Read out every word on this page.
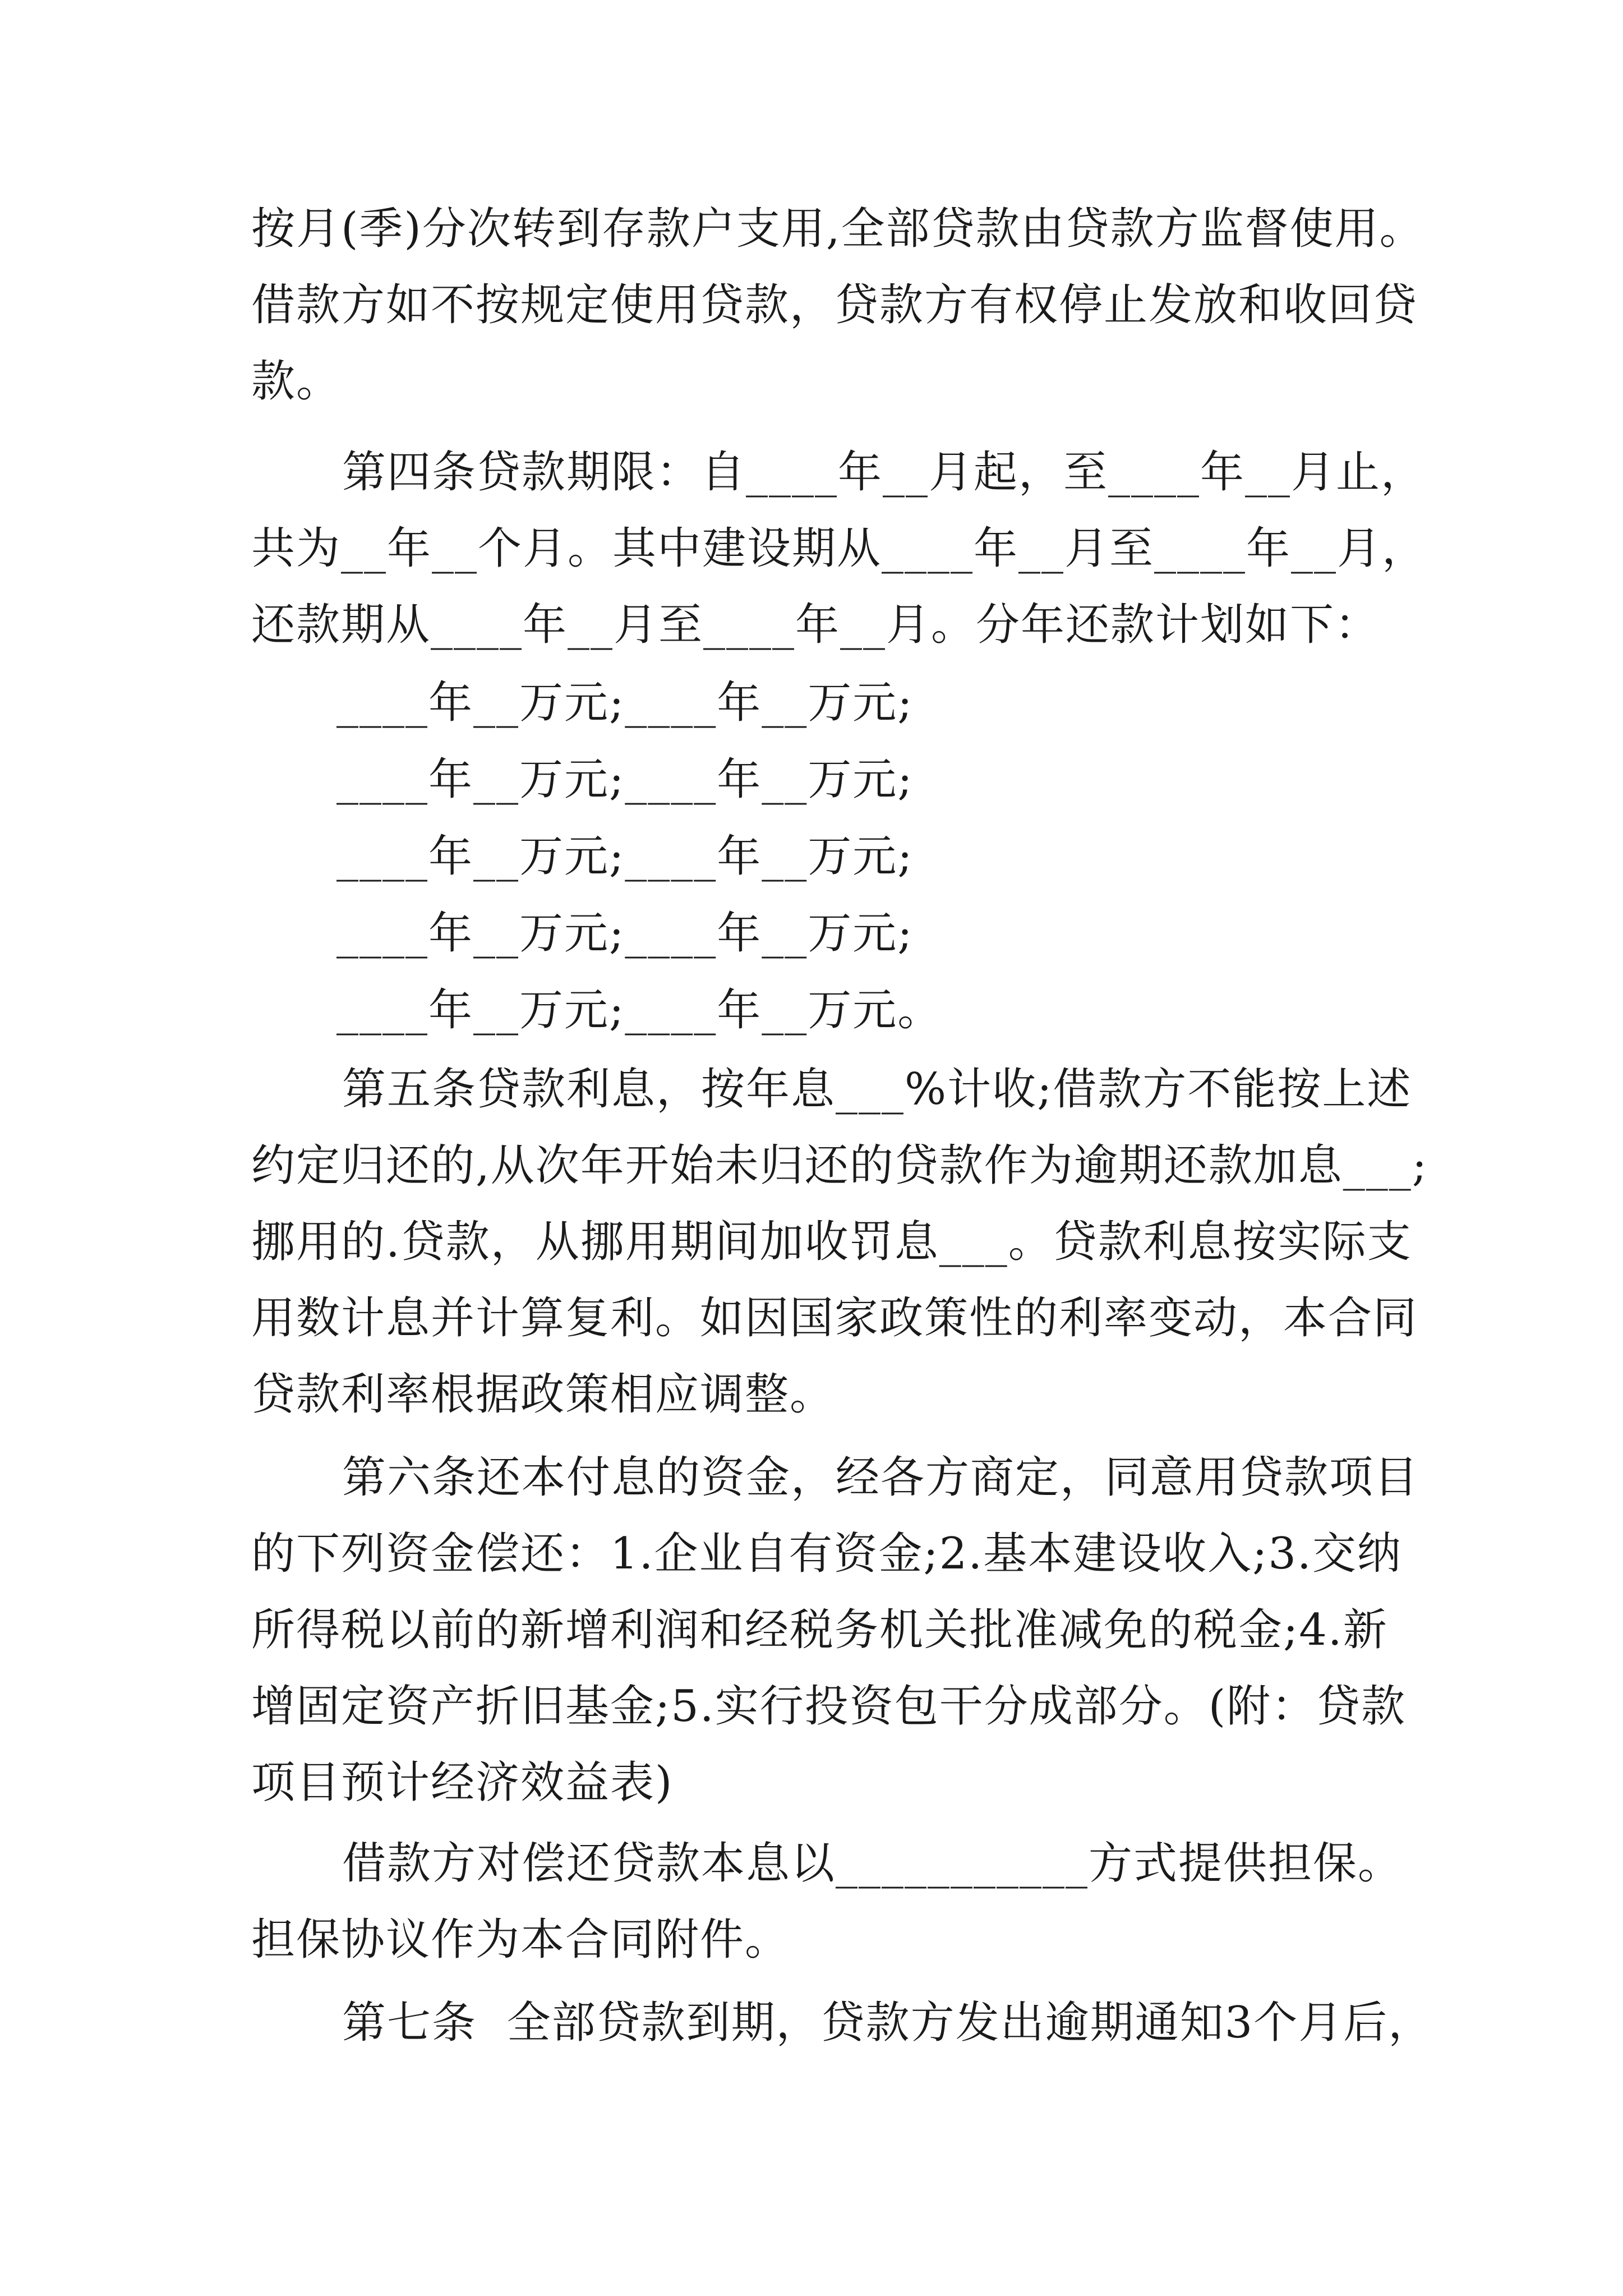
按月(季)分次转到存款户支用,全部贷款由贷款方监督使用。
借款方如不按规定使用贷款，贷款方有权停止发放和收回贷
款。
第四条贷款期限：自____年__月起，至____年__月止，
共为__年__个月。其中建设期从____年__月至____年__月，
还款期从____年__月至____年__月。分年还款计划如下：
____年__万元;____年__万元;
____年__万元;____年__万元;
____年__万元;____年__万元;
____年__万元;____年__万元;
____年__万元;____年__万元。
第五条贷款利息，按年息___%计收;借款方不能按上述
约定归还的,从次年开始未归还的贷款作为逾期还款加息___;
挪用的.贷款，从挪用期间加收罚息___。贷款利息按实际支
用数计息并计算复利。如因国家政策性的利率变动，本合同
贷款利率根据政策相应调整。
第六条还本付息的资金，经各方商定，同意用贷款项目
的下列资金偿还：1.企业自有资金;2.基本建设收入;3.交纳
所得税以前的新增利润和经税务机关批准减免的税金;4.新
增固定资产折旧基金;5.实行投资包干分成部分。(附：贷款
项目预计经济效益表)
借款方对偿还贷款本息以___________方式提供担保。
担保协议作为本合同附件。
第七条  全部贷款到期，贷款方发出逾期通知3个月后，
